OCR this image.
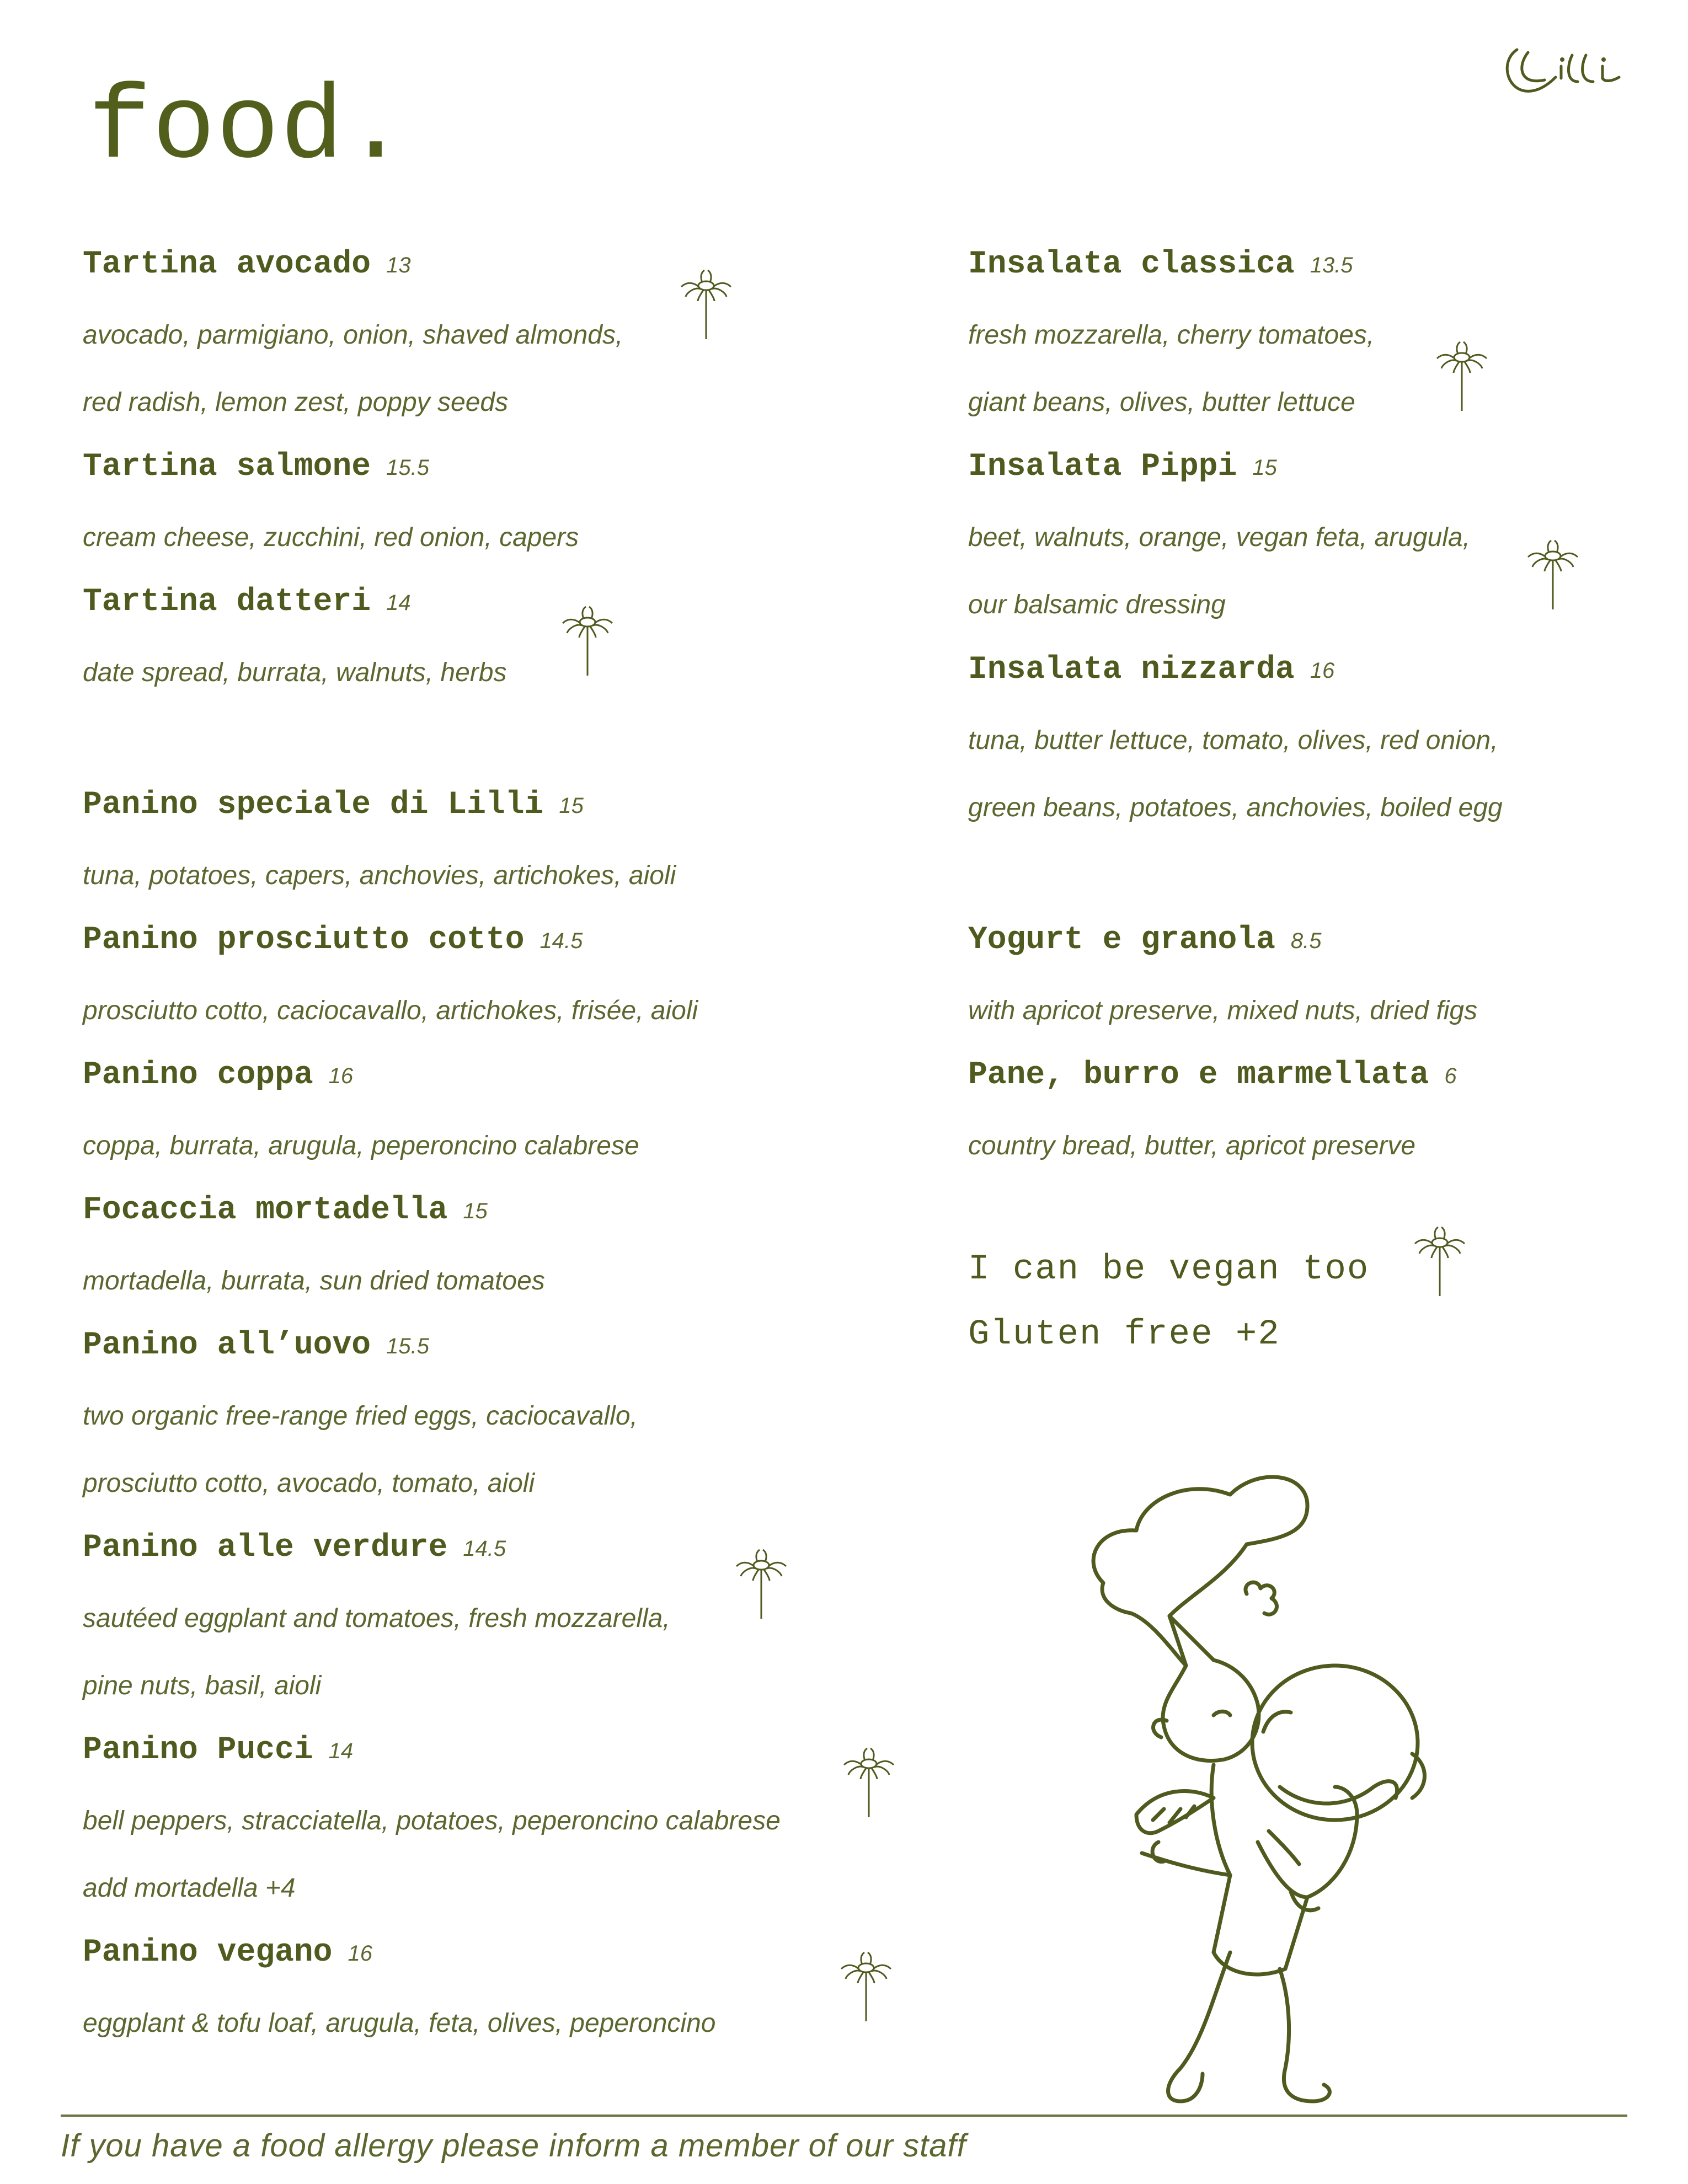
food.
Tartina avocado 13
avocado, parmigiano, onion, shaved almonds,
red radish, lemon zest, poppy seeds
Tartina salmone 15.5
cream cheese, zucchini, red onion, capers
Tartina datteri 14
date spread, burrata, walnuts, herbs
Panino speciale di Lilli 15
tuna, potatoes, capers, anchovies, artichokes, aioli
Panino prosciutto cotto 14.5
prosciutto cotto, caciocavallo, artichokes, frisée, aioli
Panino coppa 16
coppa, burrata, arugula, peperoncino calabrese
Focaccia mortadella 15
mortadella, burrata, sun dried tomatoes
Panino all’uovo 15.5
two organic free-range fried eggs, caciocavallo,
prosciutto cotto, avocado, tomato, aioli
Panino alle verdure 14.5
sautéed eggplant and tomatoes, fresh mozzarella,
pine nuts, basil, aioli
Panino Pucci 14
bell peppers, stracciatella, potatoes, peperoncino calabrese
add mortadella +4
Panino vegano 16
eggplant & tofu loaf, arugula, feta, olives, peperoncino
Insalata classica 13.5
fresh mozzarella, cherry tomatoes,
giant beans, olives, butter lettuce
Insalata Pippi 15
beet, walnuts, orange, vegan feta, arugula,
our balsamic dressing
Insalata nizzarda 16
tuna, butter lettuce, tomato, olives, red onion,
green beans, potatoes, anchovies, boiled egg
Yogurt e granola 8.5
with apricot preserve, mixed nuts, dried figs
Pane, burro e marmellata 6
country bread, butter, apricot preserve
I can be vegan too
Gluten free +2
If you have a food allergy please inform a member of our staff
